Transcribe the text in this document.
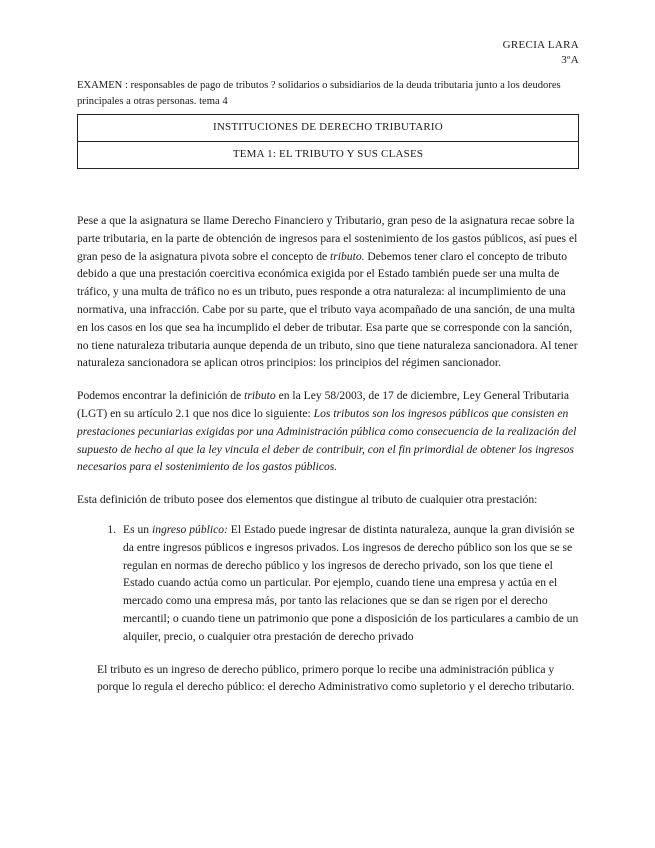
GRECIA LARA
3ºA
EXAMEN : responsables de pago de tributos ? solidarios o subsidiarios de la deuda tributaria junto a los deudores principales a otras personas. tema 4
INSTITUCIONES DE DERECHO TRIBUTARIO
TEMA 1: EL TRIBUTO Y SUS CLASES

Pese a que la asignatura se llame Derecho Financiero y Tributario, gran peso de la asignatura recae sobre la parte tributaria, en la parte de obtención de ingresos para el sostenimiento de los gastos públicos, así pues el gran peso de la asignatura pivota sobre el concepto de tributo. Debemos tener claro el concepto de tributo debido a que una prestación coercitiva económica exigida por el Estado también puede ser una multa de tráfico, y una multa de tráfico no es un tributo, pues responde a otra naturaleza: al incumplimiento de una normativa, una infracción. Cabe por su parte, que el tributo vaya acompañado de una sanción, de una multa en los casos en los que sea ha incumplido el deber de tributar. Esa parte que se corresponde con la sanción, no tiene naturaleza tributaria aunque dependa de un tributo, sino que tiene naturaleza sancionadora. Al tener naturaleza sancionadora se aplican otros principios: los principios del régimen sancionador.

Podemos encontrar la definición de tributo en la Ley 58/2003, de 17 de diciembre, Ley General Tributaria (LGT) en su artículo 2.1 que nos dice lo siguiente: Los tributos son los ingresos públicos que consisten en prestaciones pecuniarias exigidas por una Administración pública como consecuencia de la realización del supuesto de hecho al que la ley vincula el deber de contribuir, con el fin primordial de obtener los ingresos necesarios para el sostenimiento de los gastos públicos.

Esta definición de tributo posee dos elementos que distingue al tributo de cualquier otra prestación:

1. Es un ingreso público: El Estado puede ingresar de distinta naturaleza, aunque la gran división se da entre ingresos públicos e ingresos privados. Los ingresos de derecho público son los que se se regulan en normas de derecho público y los ingresos de derecho privado, son los que tiene el Estado cuando actúa como un particular. Por ejemplo, cuando tiene una empresa y actúa en el mercado como una empresa más, por tanto las relaciones que se dan se rigen por el derecho mercantil; o cuando tiene un patrimonio que pone a disposición de los particulares a cambio de un alquiler, precio, o cualquier otra prestación de derecho privado

El tributo es un ingreso de derecho público, primero porque lo recibe una administración pública y porque lo regula el derecho público: el derecho Administrativo como supletorio y el derecho tributario.
